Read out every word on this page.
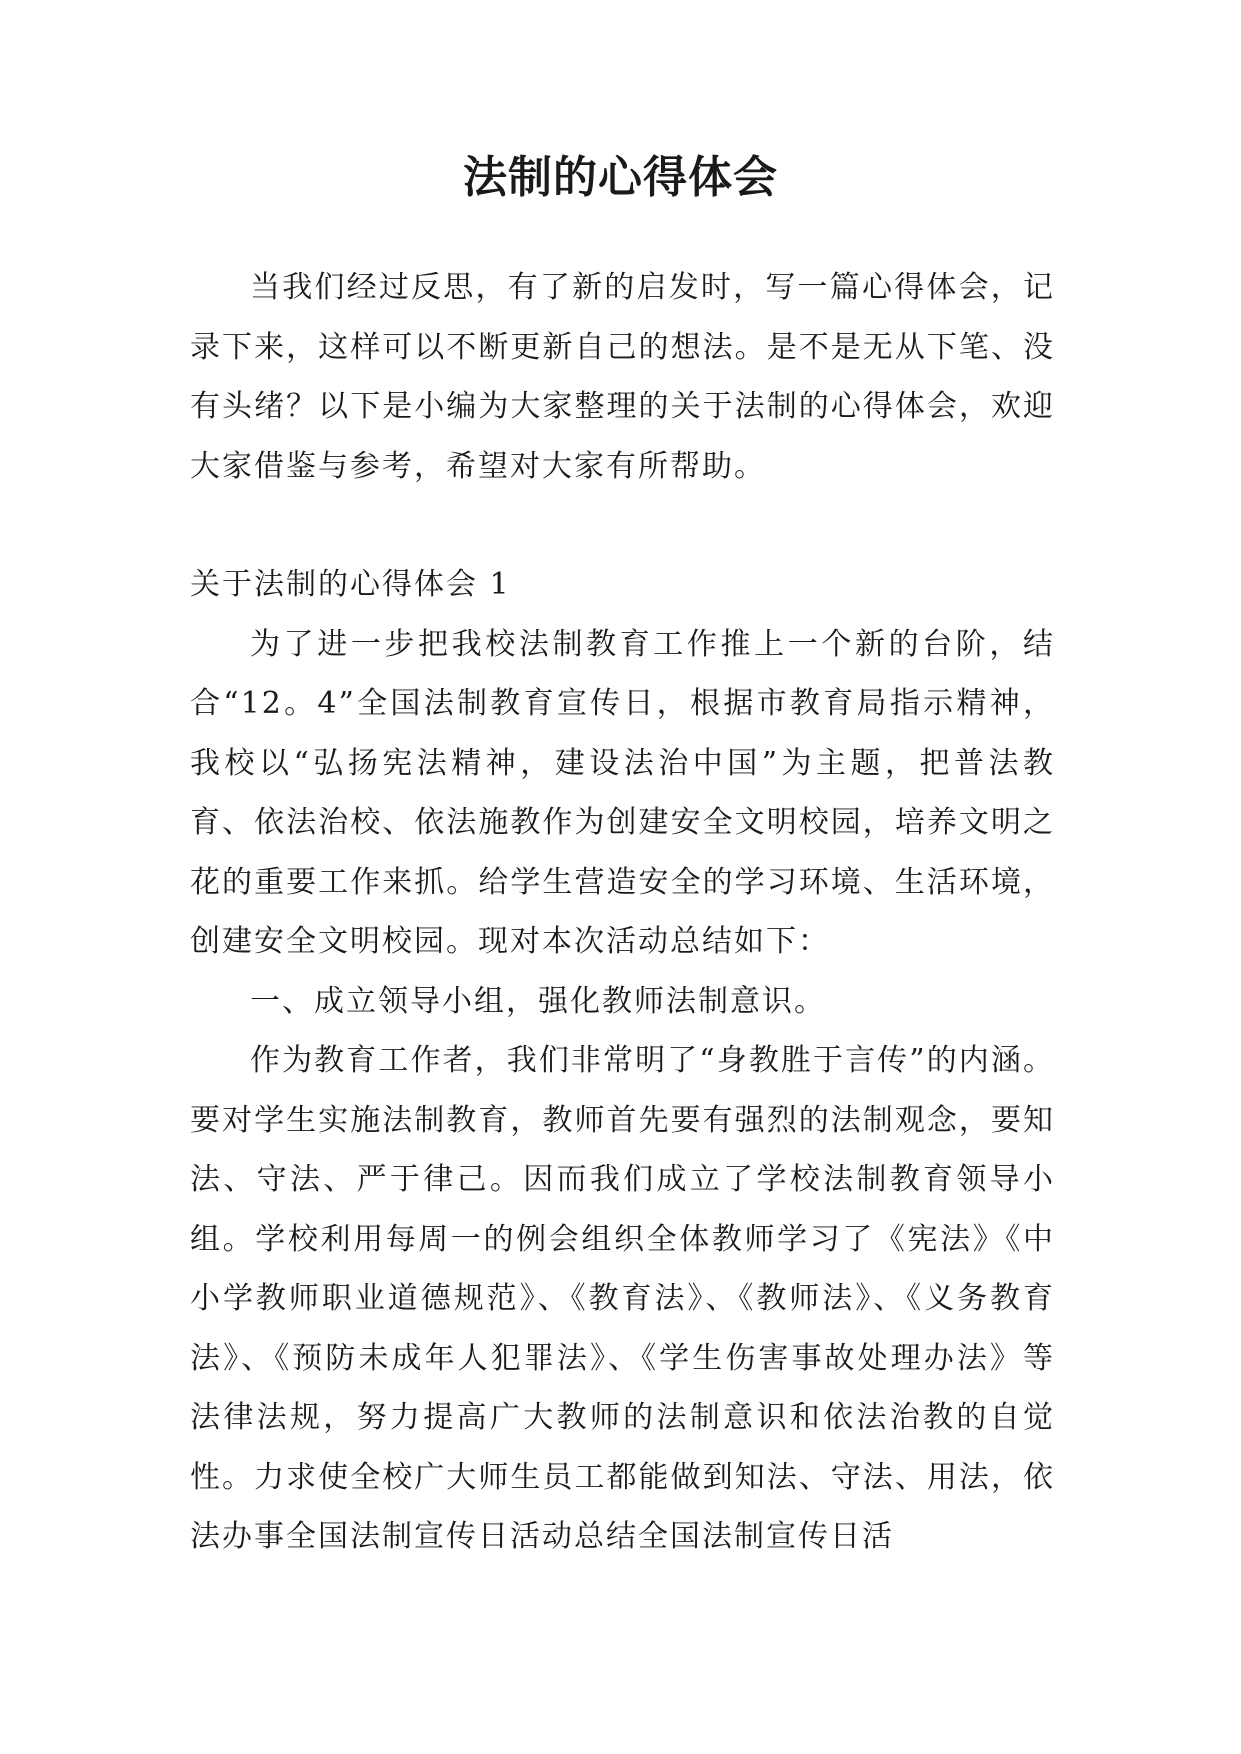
法制的心得体会

当我们经过反思，有了新的启发时，写一篇心得体会，记录下来，这样可以不断更新自己的想法。是不是无从下笔、没有头绪？以下是小编为大家整理的关于法制的心得体会，欢迎大家借鉴与参考，希望对大家有所帮助。

关于法制的心得体会 1

为了进一步把我校法制教育工作推上一个新的台阶，结合“12。4”全国法制教育宣传日，根据市教育局指示精神，我校以“弘扬宪法精神，建设法治中国”为主题，把普法教育、依法治校、依法施教作为创建安全文明校园，培养文明之花的重要工作来抓。给学生营造安全的学习环境、生活环境，创建安全文明校园。现对本次活动总结如下：

一、成立领导小组，强化教师法制意识。

作为教育工作者，我们非常明了“身教胜于言传”的内涵。要对学生实施法制教育，教师首先要有强烈的法制观念，要知法、守法、严于律己。因而我们成立了学校法制教育领导小组。学校利用每周一的例会组织全体教师学习了《宪法》《中小学教师职业道德规范》、《教育法》、《教师法》、《义务教育法》、《预防未成年人犯罪法》、《学生伤害事故处理办法》等法律法规，努力提高广大教师的法制意识和依法治教的自觉性。力求使全校广大师生员工都能做到知法、守法、用法，依法办事全国法制宣传日活动总结全国法制宣传日活
